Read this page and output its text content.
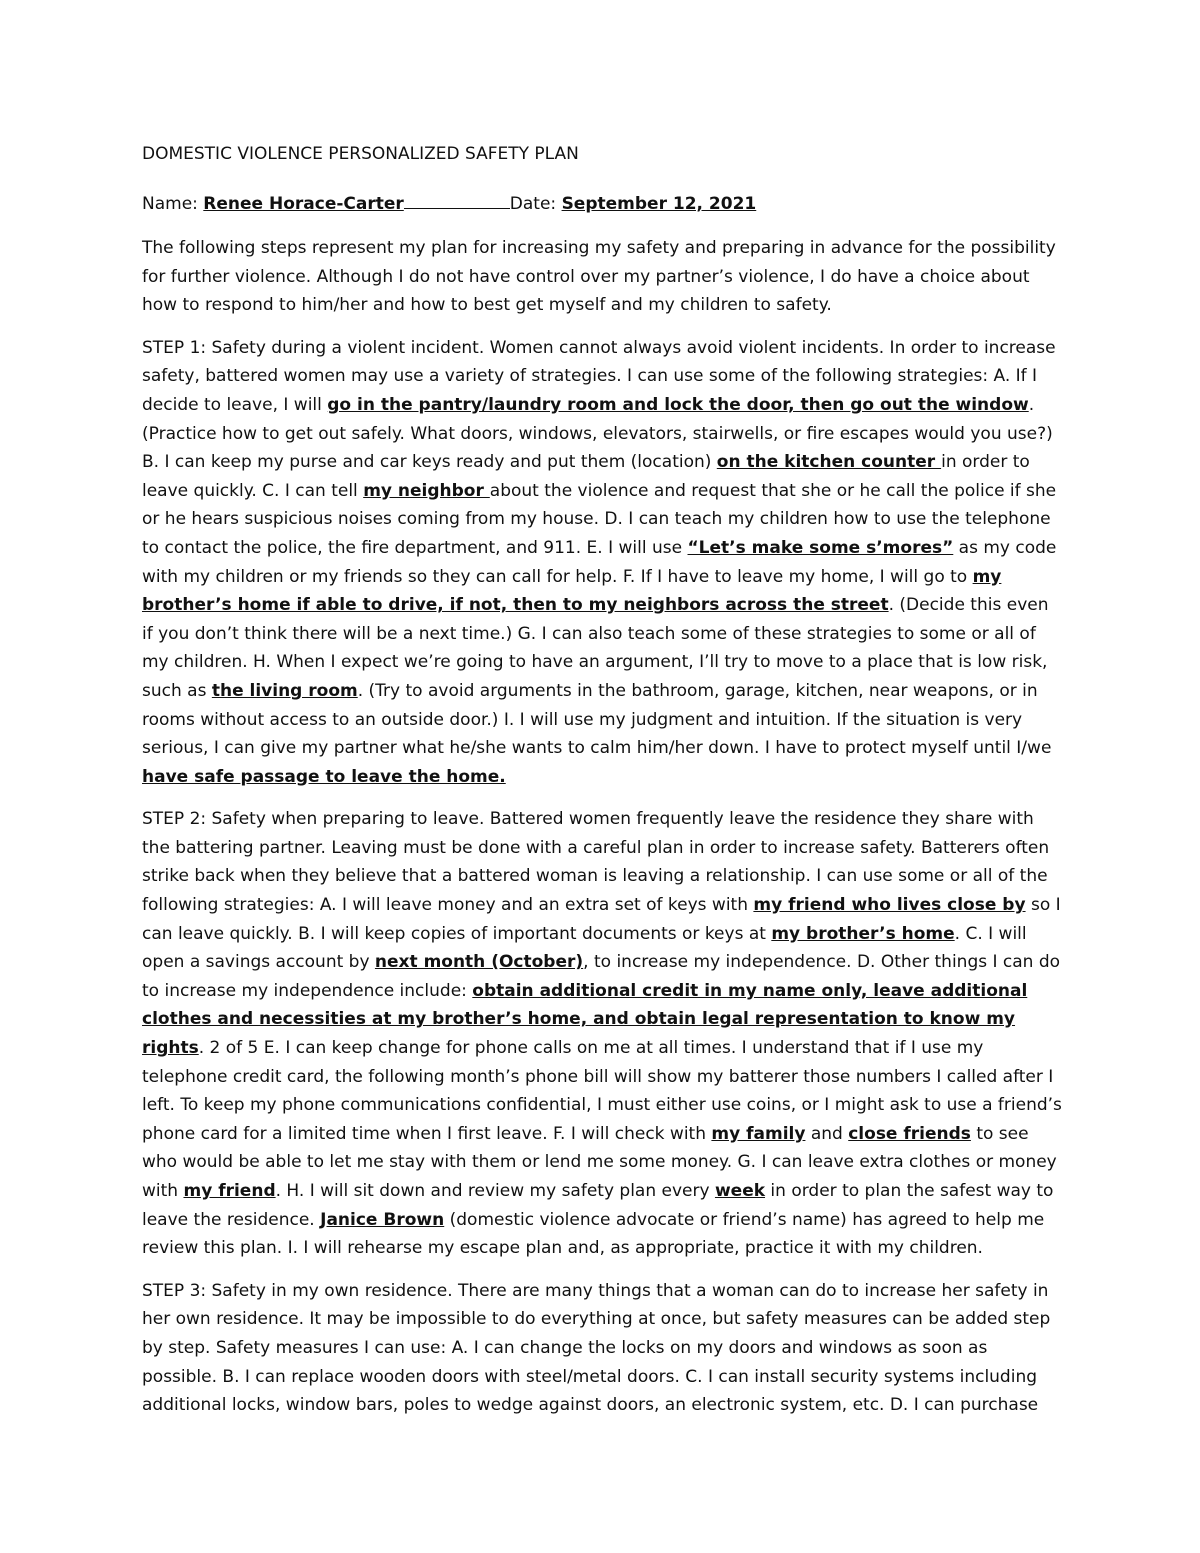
DOMESTIC VIOLENCE PERSONALIZED SAFETY PLAN
Name: Renee Horace-Carter	Date: September 12, 2021

The following steps represent my plan for increasing my safety and preparing in advance for the possibility for further violence. Although I do not have control over my partner’s violence, I do have a choice about how to respond to him/her and how to best get myself and my children to safety.

STEP 1: Safety during a violent incident. Women cannot always avoid violent incidents. In order to increase safety, battered women may use a variety of strategies. I can use some of the following strategies: A. If I decide to leave, I will go in the pantry/laundry room and lock the door, then go out the window. (Practice how to get out safely. What doors, windows, elevators, stairwells, or fire escapes would you use?) B. I can keep my purse and car keys ready and put them (location) on the kitchen counter in order to leave quickly. C. I can tell my neighbor about the violence and request that she or he call the police if she or he hears suspicious noises coming from my house. D. I can teach my children how to use the telephone to contact the police, the fire department, and 911. E. I will use “Let’s make some s’mores” as my code with my children or my friends so they can call for help. F. If I have to leave my home, I will go to my brother’s home if able to drive, if not, then to my neighbors across the street. (Decide this even if you don’t think there will be a next time.) G. I can also teach some of these strategies to some or all of my children. H. When I expect we’re going to have an argument, I’ll try to move to a place that is low risk, such as the living room. (Try to avoid arguments in the bathroom, garage, kitchen, near weapons, or in rooms without access to an outside door.) I. I will use my judgment and intuition. If the situation is very serious, I can give my partner what he/she wants to calm him/her down. I have to protect myself until I/we have safe passage to leave the home.

STEP 2: Safety when preparing to leave. Battered women frequently leave the residence they share with the battering partner. Leaving must be done with a careful plan in order to increase safety. Batterers often strike back when they believe that a battered woman is leaving a relationship. I can use some or all of the following strategies: A. I will leave money and an extra set of keys with my friend who lives close by so I can leave quickly. B. I will keep copies of important documents or keys at my brother’s home. C. I will open a savings account by next month (October), to increase my independence. D. Other things I can do to increase my independence include: obtain additional credit in my name only, leave additional clothes and necessities at my brother’s home, and obtain legal representation to know my rights. 2 of 5 E. I can keep change for phone calls on me at all times. I understand that if I use my telephone credit card, the following month’s phone bill will show my batterer those numbers I called after I left. To keep my phone communications confidential, I must either use coins, or I might ask to use a friend’s phone card for a limited time when I first leave. F. I will check with my family and close friends to see who would be able to let me stay with them or lend me some money. G. I can leave extra clothes or money with my friend. H. I will sit down and review my safety plan every week in order to plan the safest way to leave the residence. Janice Brown (domestic violence advocate or friend’s name) has agreed to help me review this plan. I. I will rehearse my escape plan and, as appropriate, practice it with my children.

STEP 3: Safety in my own residence. There are many things that a woman can do to increase her safety in her own residence. It may be impossible to do everything at once, but safety measures can be added step by step. Safety measures I can use: A. I can change the locks on my doors and windows as soon as possible. B. I can replace wooden doors with steel/metal doors. C. I can install security systems including additional locks, window bars, poles to wedge against doors, an electronic system, etc. D. I can purchase
